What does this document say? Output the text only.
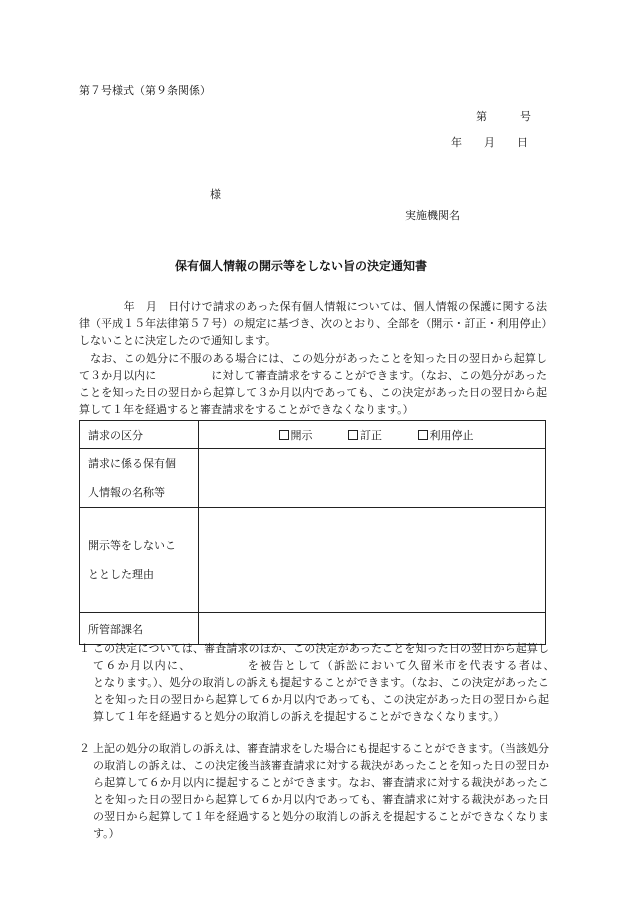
第７号様式（第９条関係）
第　　　号
年　　月　　日
様
実施機関名
保有個人情報の開示等をしない旨の決定通知書
　　　　年　月　日付けで請求のあった保有個人情報については、個人情報の保護に関する法律（平成１５年法律第５７号）の規定に基づき、次のとおり、全部を（開示・訂正・利用停止）しないことに決定したので通知します。
　なお、この処分に不服のある場合には、この処分があったことを知った日の翌日から起算して３か月以内に　　　　　に対して審査請求をすることができます。（なお、この処分があったことを知った日の翌日から起算して３か月以内であっても、この決定があった日の翌日から起算して１年を経過すると審査請求をすることができなくなります。）
請求の区分	開示 訂正 利用停止
請求に係る保有個
人情報の名称等	
開示等をしないこ
ととした理由	
所管部課名	
１ この決定については、審査請求のほか、この決定があったことを知った日の翌日から起算して６か月以内に、　　　　　を被告として（訴訟において久留米市を代表する者は、　　　　　となります。）、処分の取消しの訴えも提起することができます。（なお、この決定があったことを知った日の翌日から起算して６か月以内であっても、この決定があった日の翌日から起算して１年を経過すると処分の取消しの訴えを提起することができなくなります。）
２ 上記の処分の取消しの訴えは、審査請求をした場合にも提起することができます。（当該処分の取消しの訴えは、この決定後当該審査請求に対する裁決があったことを知った日の翌日から起算して６か月以内に提起することができます。なお、審査請求に対する裁決があったことを知った日の翌日から起算して６か月以内であっても、審査請求に対する裁決があった日の翌日から起算して１年を経過すると処分の取消しの訴えを提起することができなくなります。）
